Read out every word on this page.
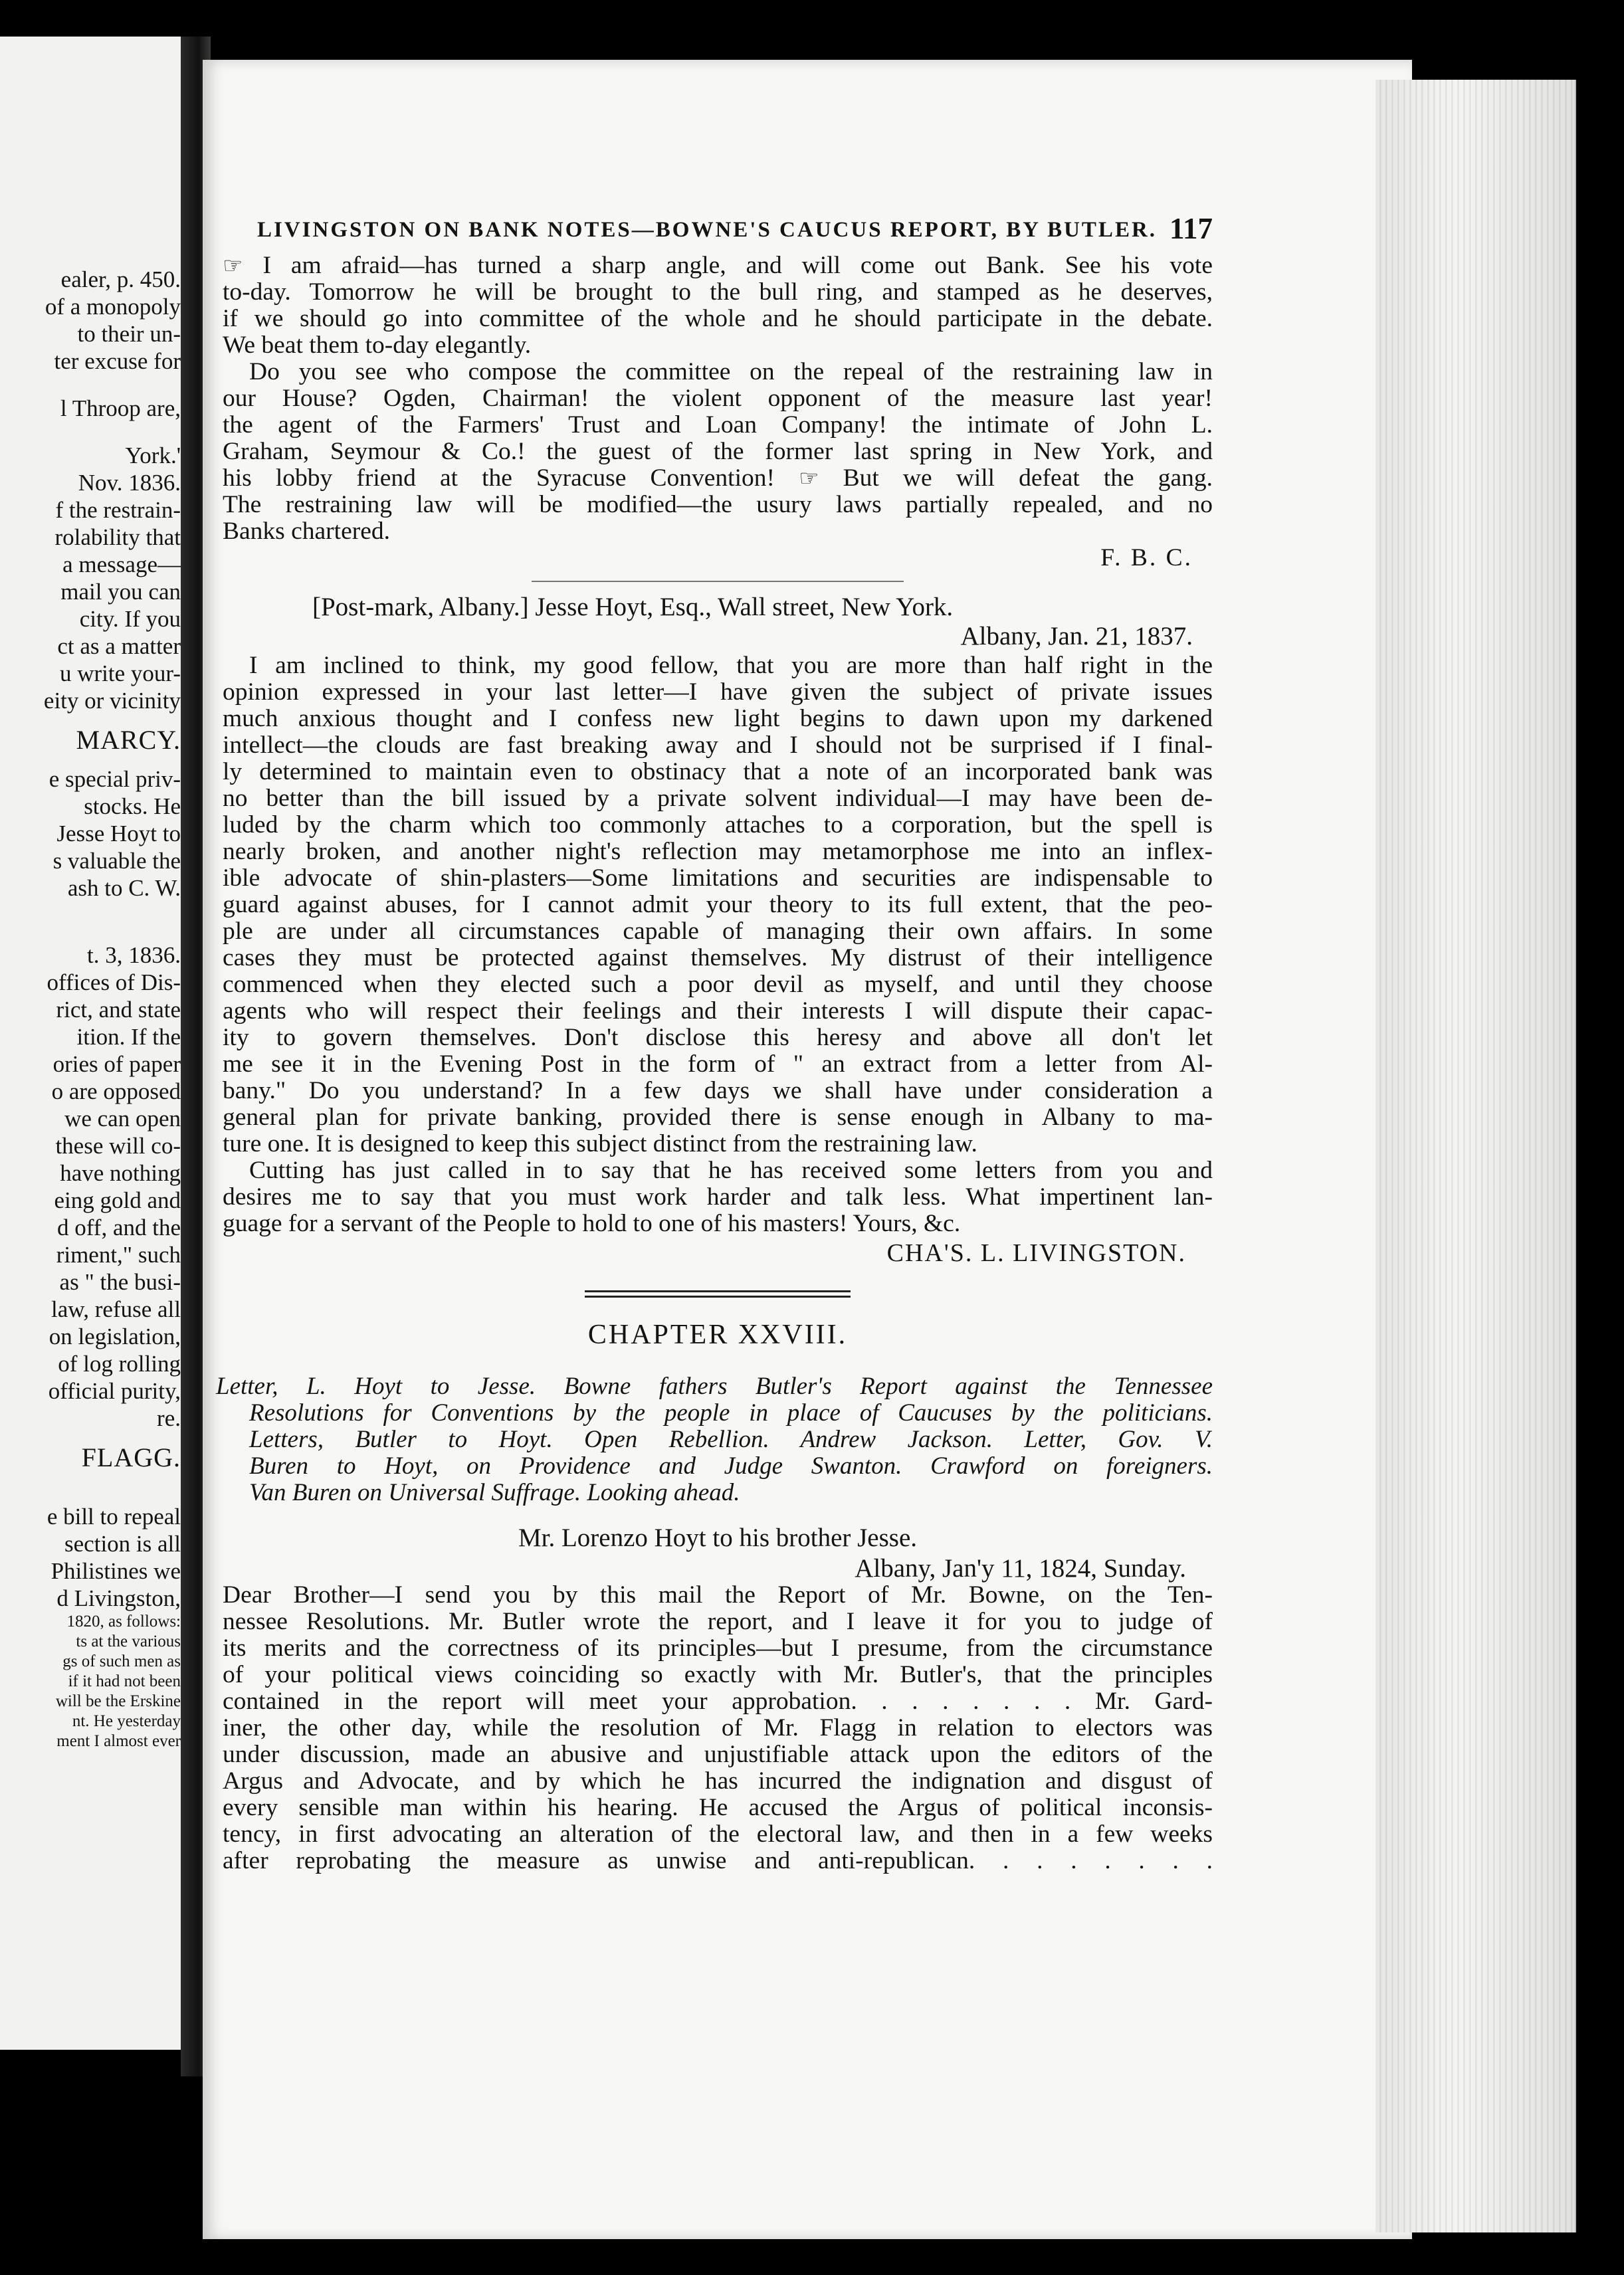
ealer, p. 450.
of a monopoly
to their un-
ter excuse for
l Throop are,
York.'
Nov. 1836.
f the restrain-
rolability that
a message—
mail you can
city. If you
ct as a matter
u write your-
eity or vicinity
MARCY.
e special priv-
stocks. He
Jesse Hoyt to
s valuable the
ash to C. W.
t. 3, 1836.
offices of Dis-
rict, and state
ition. If the
ories of paper
o are opposed
we can open
these will co-
have nothing
eing gold and
d off, and the
riment," such
as " the busi-
law, refuse all
on legislation,
of log rolling
official purity,
re.
FLAGG.
e bill to repeal
section is all
Philistines we
d Livingston,
1820, as follows:
ts at the various
gs of such men as
if it had not been
will be the Erskine
nt. He yesterday
ment I almost ever
LIVINGSTON ON BANK NOTES—BOWNE'S CAUCUS REPORT, BY BUTLER. 117
☞ I am afraid—has turned a sharp angle, and will come out Bank. See his vote
to-day. Tomorrow he will be brought to the bull ring, and stamped as he deserves,
if we should go into committee of the whole and he should participate in the debate.
We beat them to-day elegantly.
Do you see who compose the committee on the repeal of the restraining law in
our House? Ogden, Chairman! the violent opponent of the measure last year!
the agent of the Farmers' Trust and Loan Company! the intimate of John L.
Graham, Seymour & Co.! the guest of the former last spring in New York, and
his lobby friend at the Syracuse Convention! ☞ But we will defeat the gang.
The restraining law will be modified—the usury laws partially repealed, and no
Banks chartered.
F. B. C.
[Post-mark, Albany.] Jesse Hoyt, Esq., Wall street, New York.
Albany, Jan. 21, 1837.
I am inclined to think, my good fellow, that you are more than half right in the
opinion expressed in your last letter—I have given the subject of private issues
much anxious thought and I confess new light begins to dawn upon my darkened
intellect—the clouds are fast breaking away and I should not be surprised if I final-
ly determined to maintain even to obstinacy that a note of an incorporated bank was
no better than the bill issued by a private solvent individual—I may have been de-
luded by the charm which too commonly attaches to a corporation, but the spell is
nearly broken, and another night's reflection may metamorphose me into an inflex-
ible advocate of shin-plasters—Some limitations and securities are indispensable to
guard against abuses, for I cannot admit your theory to its full extent, that the peo-
ple are under all circumstances capable of managing their own affairs. In some
cases they must be protected against themselves. My distrust of their intelligence
commenced when they elected such a poor devil as myself, and until they choose
agents who will respect their feelings and their interests I will dispute their capac-
ity to govern themselves. Don't disclose this heresy and above all don't let
me see it in the Evening Post in the form of " an extract from a letter from Al-
bany." Do you understand? In a few days we shall have under consideration a
general plan for private banking, provided there is sense enough in Albany to ma-
ture one. It is designed to keep this subject distinct from the restraining law.
Cutting has just called in to say that he has received some letters from you and
desires me to say that you must work harder and talk less. What impertinent lan-
guage for a servant of the People to hold to one of his masters! Yours, &c.
CHA'S. L. LIVINGSTON.
CHAPTER XXVIII.
Letter, L. Hoyt to Jesse. Bowne fathers Butler's Report against the Tennessee
Resolutions for Conventions by the people in place of Caucuses by the politicians.
Letters, Butler to Hoyt. Open Rebellion. Andrew Jackson. Letter, Gov. V.
Buren to Hoyt, on Providence and Judge Swanton. Crawford on foreigners.
Van Buren on Universal Suffrage. Looking ahead.
Mr. Lorenzo Hoyt to his brother Jesse.
Albany, Jan'y 11, 1824, Sunday.
Dear Brother—I send you by this mail the Report of Mr. Bowne, on the Ten-
nessee Resolutions. Mr. Butler wrote the report, and I leave it for you to judge of
its merits and the correctness of its principles—but I presume, from the circumstance
of your political views coinciding so exactly with Mr. Butler's, that the principles
contained in the report will meet your approbation. . . . . . . . Mr. Gard-
iner, the other day, while the resolution of Mr. Flagg in relation to electors was
under discussion, made an abusive and unjustifiable attack upon the editors of the
Argus and Advocate, and by which he has incurred the indignation and disgust of
every sensible man within his hearing. He accused the Argus of political inconsis-
tency, in first advocating an alteration of the electoral law, and then in a few weeks
after reprobating the measure as unwise and anti-republican. . . . . . . .
